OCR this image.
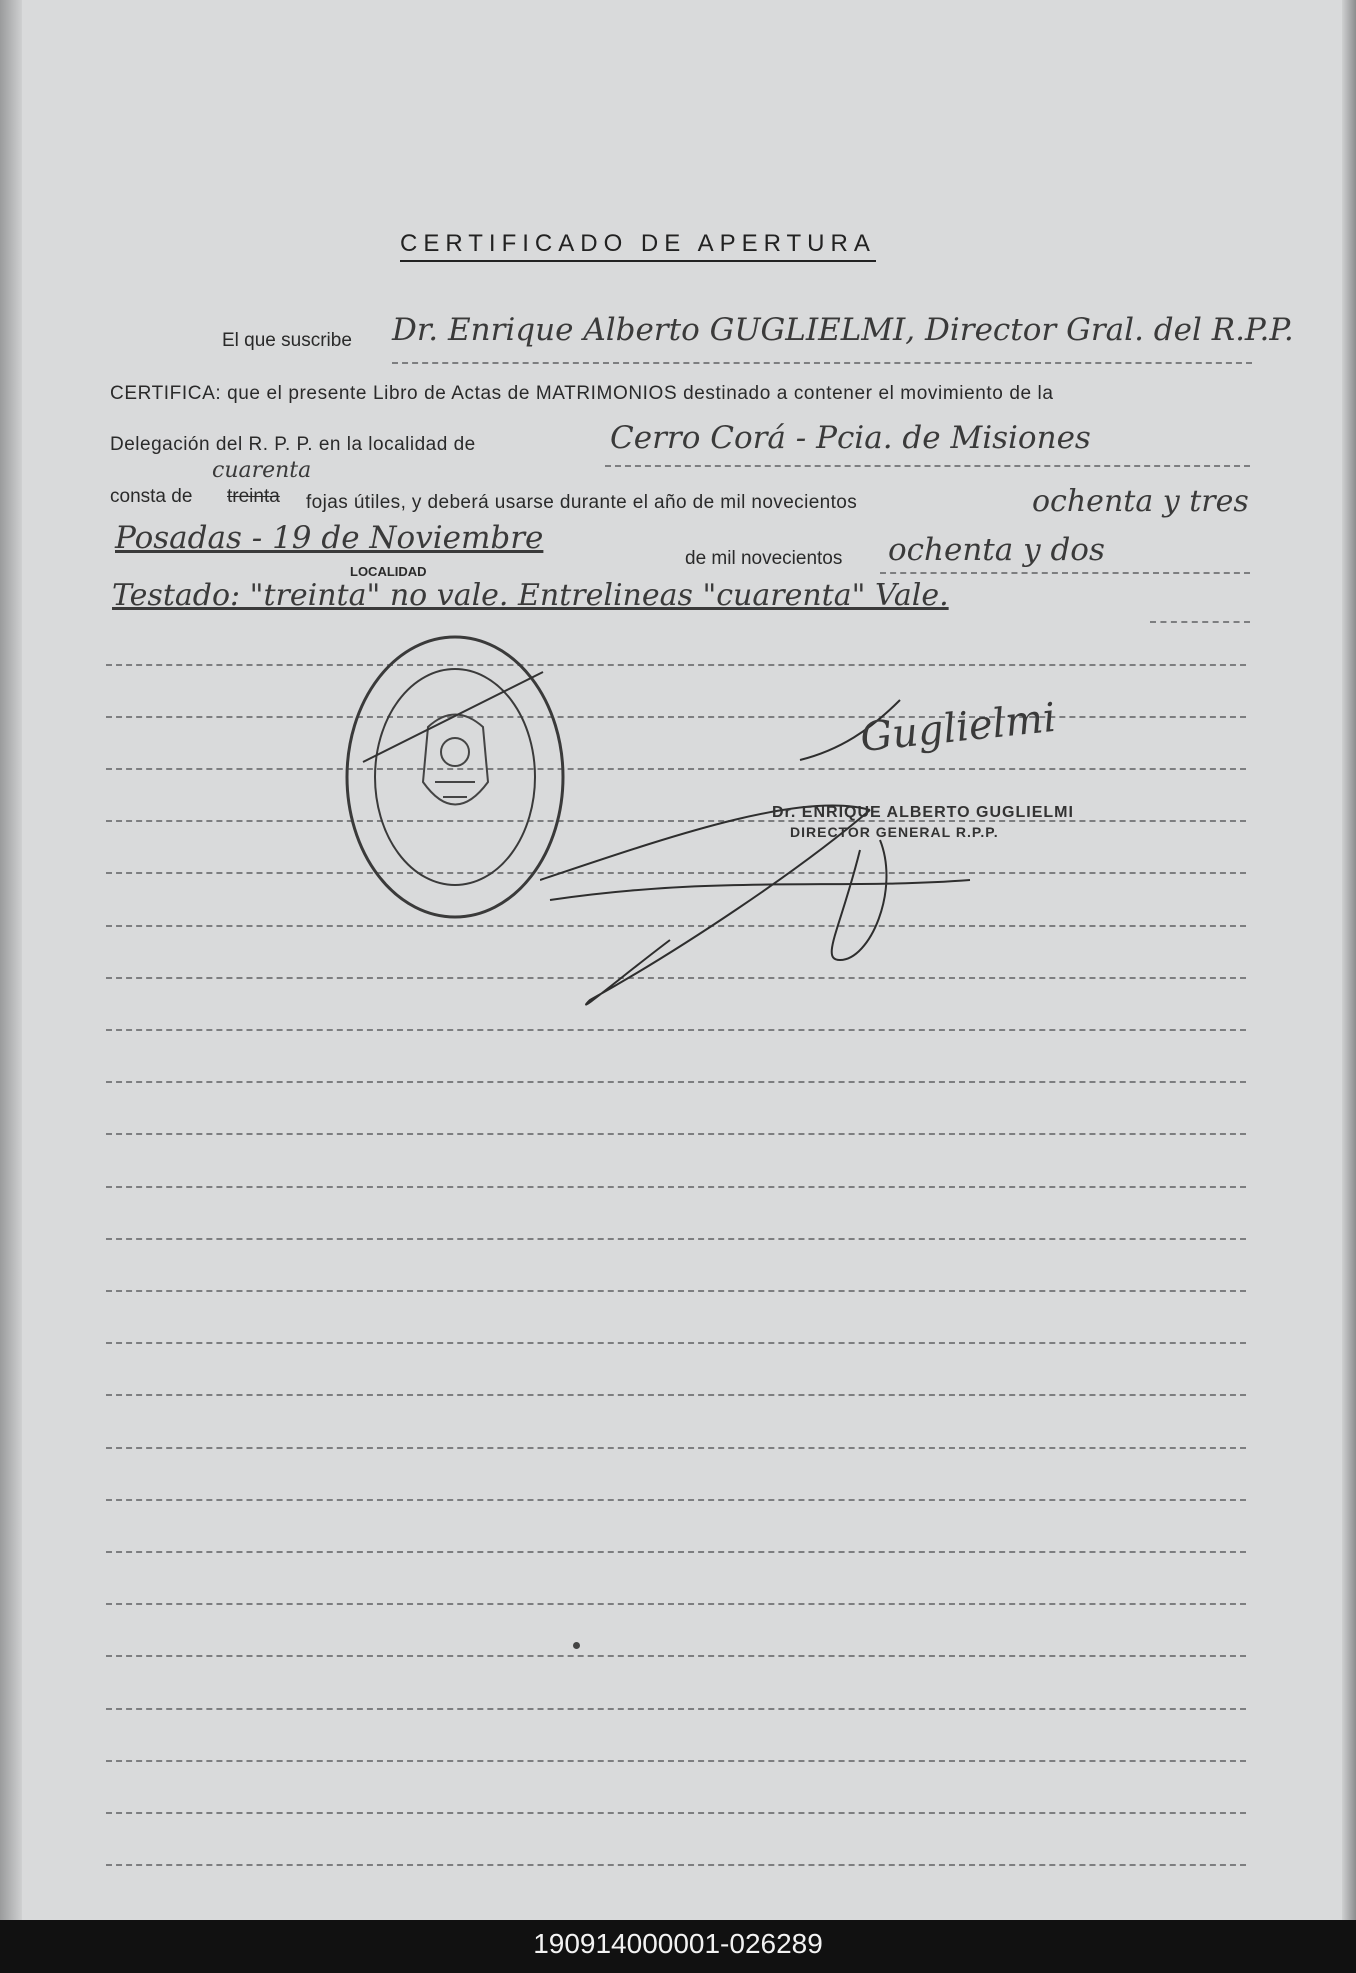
CERTIFICADO DE APERTURA
El que suscribe Dr. Enrique Alberto GUGLIELMI, Director Gral. del R.P.P.
CERTIFICA: que el presente Libro de Actas de MATRIMONIOS destinado a contener el movimiento de la
Delegación del R. P. P. en la localidad de	Cerro Corá - Pcia. de Misiones
cuarenta
consta de treinta fojas útiles, y deberá usarse durante el año de mil novecientos	ochenta y tres
Posadas - 19 de Noviembre
LOCALIDAD
de mil novecientos ochenta y dos
Testado: "treinta" no vale. Entrelineas "cuarenta" Vale.
Guglielmi
Dr. ENRIQUE ALBERTO GUGLIELMI
DIRECTOR GENERAL R.P.P.
190914000001-026289
